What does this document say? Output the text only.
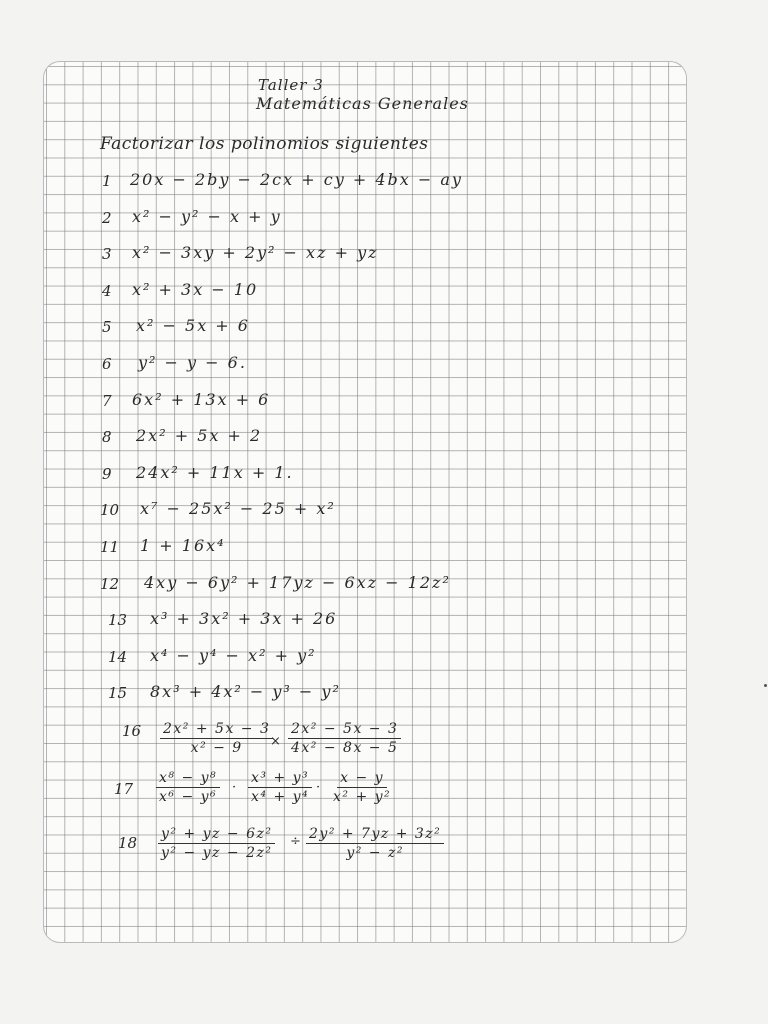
Taller 3
Matemáticas Generales
Factorizar los polinomios siguientes
1 20x − 2by − 2cx + cy + 4bx − ay
2 x² − y² − x + y
3 x² − 3xy + 2y² − xz + yz
4 x² + 3x − 10
5 x² − 5x + 6
6 y² − y − 6.
7 6x² + 13x + 6
8 2x² + 5x + 2
9 24x² + 11x + 1.
10 x⁷ − 25x² − 25 + x²
11 1 + 16x⁴
12 4xy − 6y² + 17yz − 6xz − 12z²
13 x³ + 3x² + 3x + 26
14 x⁴ − y⁴ − x² + y²
15 8x³ + 4x² − y³ − y²
$16 \frac{\text{2x² + 5x − 3}}{\text{x² − 9}}$
× $\frac{\text{2x² − 5x − 3}}{\text{4x² − 8x − 5}}$
$17 \frac{\text{x⁸ − y⁸}}{\text{x⁶ − y⁶}} \cdot \frac{\text{x³ + y³}}{\text{x⁴ + y⁴}} \cdot \frac{x - y}{\text{x² + y²}}$
$18 \frac{\text{y² + yz − 6z²}}{\text{y² − yz − 2z²}} \div \frac{\text{2y² + 7yz + 3z²}}{\text{y² − z²}}$
